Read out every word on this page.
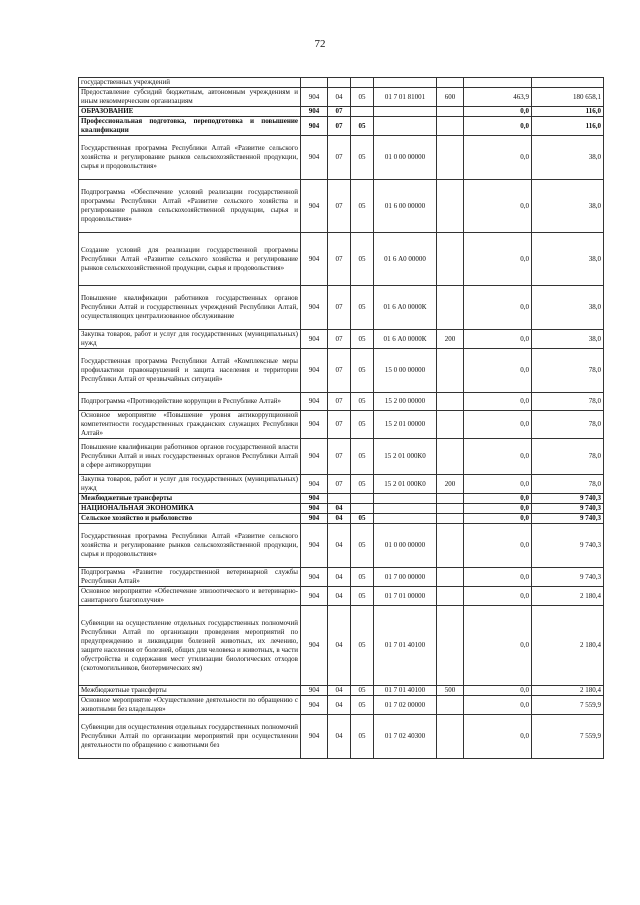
72
государственных учреждений							
Предоставление субсидий бюджетным, автономным учреждениям и иным некоммерческим организациям	904	04	05	01 7 01 81001	600	463,9	180 658,1
ОБРАЗОВАНИЕ	904	07				0,0	116,0
Профессиональная подготовка, переподготовка и повышение квалификации	904	07	05			0,0	116,0
Государственная программа Республики Алтай «Развитие сельского хозяйства и регулирование рынков сельскохозяйственной продукции, сырья и продовольствия»	904	07	05	01 0 00 00000		0,0	38,0
Подпрограмма «Обеспечение условий реализации государственной программы Республики Алтай «Развитие сельского хозяйства и регулирование рынков сельскохозяйственной продукции, сырья и продовольствия»	904	07	05	01 6 00 00000		0,0	38,0
Создание условий для реализации государственной программы Республики Алтай «Развитие сельского хозяйства и регулирование рынков сельскохозяйственной продукции, сырья и продовольствия»	904	07	05	01 6 А0 00000		0,0	38,0
Повышение квалификации работников государственных органов Республики Алтай и государственных учреждений Республики Алтай, осуществляющих централизованное обслуживание	904	07	05	01 6 А0 0000К		0,0	38,0
Закупка товаров, работ и услуг для государственных (муниципальных) нужд	904	07	05	01 6 А0 0000К	200	0,0	38,0
Государственная программа Республики Алтай «Комплексные меры профилактики правонарушений и защита населения и территории Республики Алтай от чрезвычайных ситуаций»	904	07	05	15 0 00 00000		0,0	78,0
Подпрограмма «Противодействие коррупции в Республике Алтай»	904	07	05	15 2 00 00000		0,0	78,0
Основное мероприятие «Повышение уровня антикоррупционной компетентности государственных гражданских служащих Республики Алтай»	904	07	05	15 2 01 00000		0,0	78,0
Повышение квалификации работников органов государственной власти Республики Алтай и иных государственных органов Республики Алтай в сфере антикоррупции	904	07	05	15 2 01 000К0		0,0	78,0
Закупка товаров, работ и услуг для государственных (муниципальных) нужд	904	07	05	15 2 01 000К0	200	0,0	78,0
Межбюджетные трансферты	904					0,0	9 740,3
НАЦИОНАЛЬНАЯ ЭКОНОМИКА	904	04				0,0	9 740,3
Сельское хозяйство и рыболовство	904	04	05			0,0	9 740,3
Государственная программа Республики Алтай «Развитие сельского хозяйства и регулирование рынков сельскохозяйственной продукции, сырья и продовольствия»	904	04	05	01 0 00 00000		0,0	9 740,3
Подпрограмма «Развитие государственной ветеринарной службы Республики Алтай»	904	04	05	01 7 00 00000		0,0	9 740,3
Основное мероприятие «Обеспечение эпизоотического и ветеринарно-санитарного благополучия»	904	04	05	01 7 01 00000		0,0	2 180,4
Субвенции на осуществление отдельных государственных полномочий Республики Алтай по организации проведения мероприятий по предупреждению и ликвидации болезней животных, их лечению, защите населения от болезней, общих для человека и животных, в части обустройства и содержания мест утилизации биологических отходов (скотомогильников, биотермических ям)	904	04	05	01 7 01 40100		0,0	2 180,4
Межбюджетные трансферты	904	04	05	01 7 01 40100	500	0,0	2 180,4
Основное мероприятие «Осуществление деятельности по обращению с животными без владельцев»	904	04	05	01 7 02 00000		0,0	7 559,9
Субвенции для осуществления отдельных государственных полномочий Республики Алтай по организации мероприятий при осуществлении деятельности по обращению с животными без	904	04	05	01 7 02 40300		0,0	7 559,9
